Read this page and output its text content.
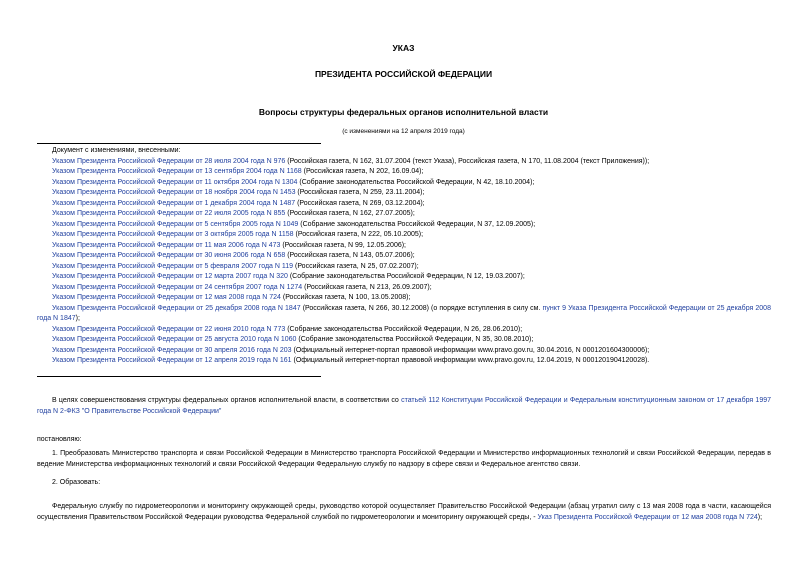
УКАЗ
ПРЕЗИДЕНТА РОССИЙСКОЙ ФЕДЕРАЦИИ
Вопросы структуры федеральных органов исполнительной власти
(с изменениями на 12 апреля 2019 года)
Документ с изменениями, внесенными:
Указом Президента Российской Федерации от 28 июля 2004 года N 976 (Российская газета, N 162, 31.07.2004 (текст Указа), Российская газета, N 170, 11.08.2004 (текст Приложения));
Указом Президента Российской Федерации от 13 сентября 2004 года N 1168 (Российская газета, N 202, 16.09.04);
Указом Президента Российской Федерации от 11 октября 2004 года N 1304 (Собрание законодательства Российской Федерации, N 42, 18.10.2004);
Указом Президента Российской Федерации от 18 ноября 2004 года N 1453 (Российская газета, N 259, 23.11.2004);
Указом Президента Российской Федерации от 1 декабря 2004 года N 1487 (Российская газета, N 269, 03.12.2004);
Указом Президента Российской Федерации от 22 июля 2005 года N 855 (Российская газета, N 162, 27.07.2005);
Указом Президента Российской Федерации от 5 сентября 2005 года N 1049 (Собрание законодательства Российской Федерации, N 37, 12.09.2005);
Указом Президента Российской Федерации от 3 октября 2005 года N 1158 (Российская газета, N 222, 05.10.2005);
Указом Президента Российской Федерации от 11 мая 2006 года N 473 (Российская газета, N 99, 12.05.2006);
Указом Президента Российской Федерации от 30 июня 2006 года N 658 (Российская газета, N 143, 05.07.2006);
Указом Президента Российской Федерации от 5 февраля 2007 года N 119 (Российская газета, N 25, 07.02.2007);
Указом Президента Российской Федерации от 12 марта 2007 года N 320 (Собрание законодательства Российской Федерации, N 12, 19.03.2007);
Указом Президента Российской Федерации от 24 сентября 2007 года N 1274 (Российская газета, N 213, 26.09.2007);
Указом Президента Российской Федерации от 12 мая 2008 года N 724 (Российская газета, N 100, 13.05.2008);
Указом Президента Российской Федерации от 25 декабря 2008 года N 1847 (Российская газета, N 266, 30.12.2008) (о порядке вступления в силу см. пункт 9 Указа Президента Российской Федерации от 25 декабря 2008 года N 1847);
Указом Президента Российской Федерации от 22 июня 2010 года N 773 (Собрание законодательства Российской Федерации, N 26, 28.06.2010);
Указом Президента Российской Федерации от 25 августа 2010 года N 1060 (Собрание законодательства Российской Федерации, N 35, 30.08.2010);
Указом Президента Российской Федерации от 30 апреля 2016 года N 203 (Официальный интернет-портал правовой информации www.pravo.gov.ru, 30.04.2016, N 0001201604300006);
Указом Президента Российской Федерации от 12 апреля 2019 года N 161 (Официальный интернет-портал правовой информации www.pravo.gov.ru, 12.04.2019, N 0001201904120028).
В целях совершенствования структуры федеральных органов исполнительной власти, в соответствии со статьей 112 Конституции Российской Федерации и Федеральным конституционным законом от 17 декабря 1997 года N 2-ФКЗ "О Правительстве Российской Федерации"
постановляю:
1. Преобразовать Министерство транспорта и связи Российской Федерации в Министерство транспорта Российской Федерации и Министерство информационных технологий и связи Российской Федерации, передав в ведение Министерства информационных технологий и связи Российской Федерации Федеральную службу по надзору в сфере связи и Федеральное агентство связи.
2. Образовать:
Федеральную службу по гидрометеорологии и мониторингу окружающей среды, руководство которой осуществляет Правительство Российской Федерации (абзац утратил силу с 13 мая 2008 года в части, касающейся осуществления Правительством Российской Федерации руководства Федеральной службой по гидрометеорологии и мониторингу окружающей среды, - Указ Президента Российской Федерации от 12 мая 2008 года N 724);
